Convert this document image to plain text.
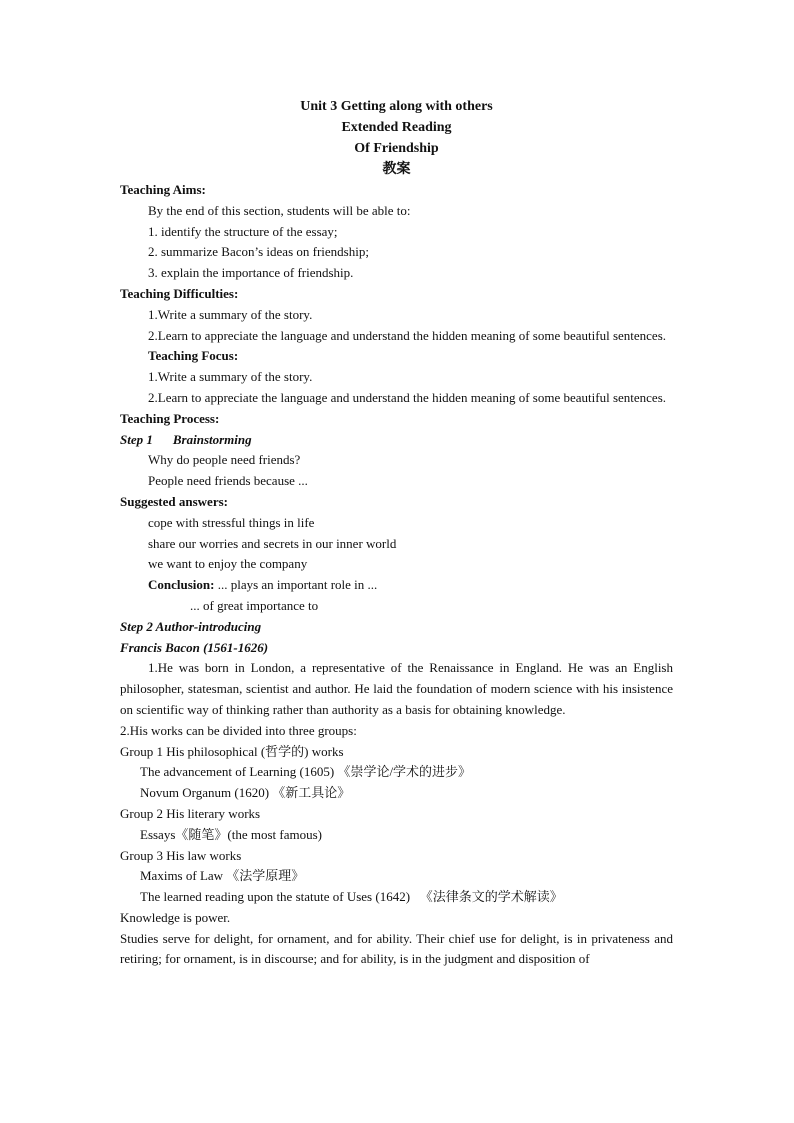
Unit 3 Getting along with others
Extended Reading
Of Friendship
教案
Teaching Aims:
By the end of this section, students will be able to:
1. identify the structure of the essay;
2. summarize Bacon’s ideas on friendship;
3. explain the importance of friendship.
Teaching Difficulties:
1.Write a summary of the story.
2.Learn to appreciate the language and understand the hidden meaning of some beautiful sentences.
Teaching Focus:
1.Write a summary of the story.
2.Learn to appreciate the language and understand the hidden meaning of some beautiful sentences.
Teaching Process:
Step 1 Brainstorming
Why do people need friends?
People need friends because ...
Suggested answers:
cope with stressful things in life
share our worries and secrets in our inner world
we want to enjoy the company
Conclusion: ... plays an important role in ...
... of great importance to
Step 2 Author-introducing
Francis Bacon (1561-1626)
1.He was born in London, a representative of the Renaissance in England. He was an English philosopher, statesman, scientist and author. He laid the foundation of modern science with his insistence on scientific way of thinking rather than authority as a basis for obtaining knowledge.
2.His works can be divided into three groups:
Group 1 His philosophical (哲学的) works
The advancement of Learning (1605) 《崇学论/学术的进步》
Novum Organum (1620) 《新工具论》
Group 2 His literary works
Essays《随笔》(the most famous)
Group 3 His law works
Maxims of Law 《法学原理》
The learned reading upon the statute of Uses (1642)   《法律条文的学术解读》
Knowledge is power.
Studies serve for delight, for ornament, and for ability. Their chief use for delight, is in privateness and retiring; for ornament, is in discourse; and for ability, is in the judgment and disposition of
